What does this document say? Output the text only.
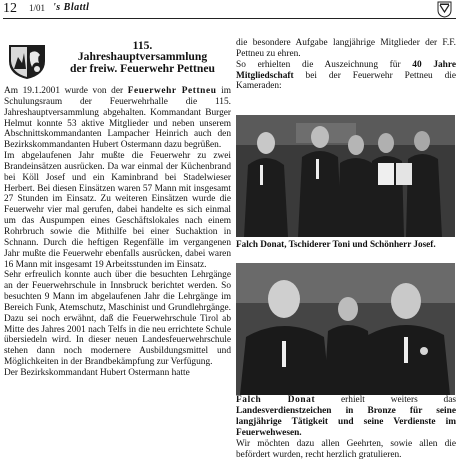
12 1/01 's Blattl
115.
Jahreshauptversammlung
der freiw. Feuerwehr Pettneu

Am 19.1.2001 wurde von der Feuerwehr Pettneu im Schulungsraum der Feuerwehrhalle die 115. Jahreshauptversammlung abgehalten. Kommandant Burger Helmut konnte 53 aktive Mitglieder und neben unserem Abschnittskommandanten Lampacher Heinrich auch den Bezirkskommandanten Hubert Ostermann dazu begrüßen.

Im abgelaufenen Jahr mußte die Feuerwehr zu zwei Brandeinsätzen ausrücken. Da war einmal der Küchenbrand bei Köll Josef und ein Kaminbrand bei Stadelwieser Herbert. Bei diesen Einsätzen waren 57 Mann mit insgesamt 27 Stunden im Einsatz. Zu weiteren Einsätzen wurde die Feuerwehr vier mal gerufen, dabei handelte es sich einmal um das Auspumpen eines Geschäftslokales nach einem Rohrbruch sowie die Mithilfe bei einer Suchaktion in Schnann. Durch die heftigen Regenfälle im vergangenen Jahr mußte die Feuerwehr ebenfalls ausrücken, dabei waren 16 Mann mit insgesamt 19 Arbeitsstunden im Einsatz.

Sehr erfreulich konnte auch über die besuchten Lehrgänge an der Feuerwehrschule in Innsbruck berichtet werden. So besuchten 9 Mann im abgelaufenen Jahr die Lehrgänge im Bereich Funk, Atemschutz, Maschinist und Grundlehrgänge. Dazu sei noch erwähnt, daß die Feuerwehrschule Tirol ab Mitte des Jahres 2001 nach Telfs in die neu errichtete Schule übersiedeln wird. In dieser neuen Landesfeuerwehrschule stehen dann noch modernere Ausbildungsmittel und Möglichkeiten in der Brandbekämpfung zur Verfügung.

Der Bezirkskommandant Hubert Ostermann hatte

die besondere Aufgabe langjährige Mitglieder der F.F. Pettneu zu ehren.

So erhielten die Auszeichnung für 40 Jahre Mitgliedschaft bei der Feuerwehr Pettneu die Kameraden:

Falch Donat, Tschiderer Toni und Schönherr Josef.

Falch Donat erhielt weiters das Landesverdienstzeichen in Bronze für seine langjährige Tätigkeit und seine Verdienste im Feuerwehwesen.

Wir möchten dazu allen Geehrten, sowie allen die befördert wurden, recht herzlich gratulieren.
